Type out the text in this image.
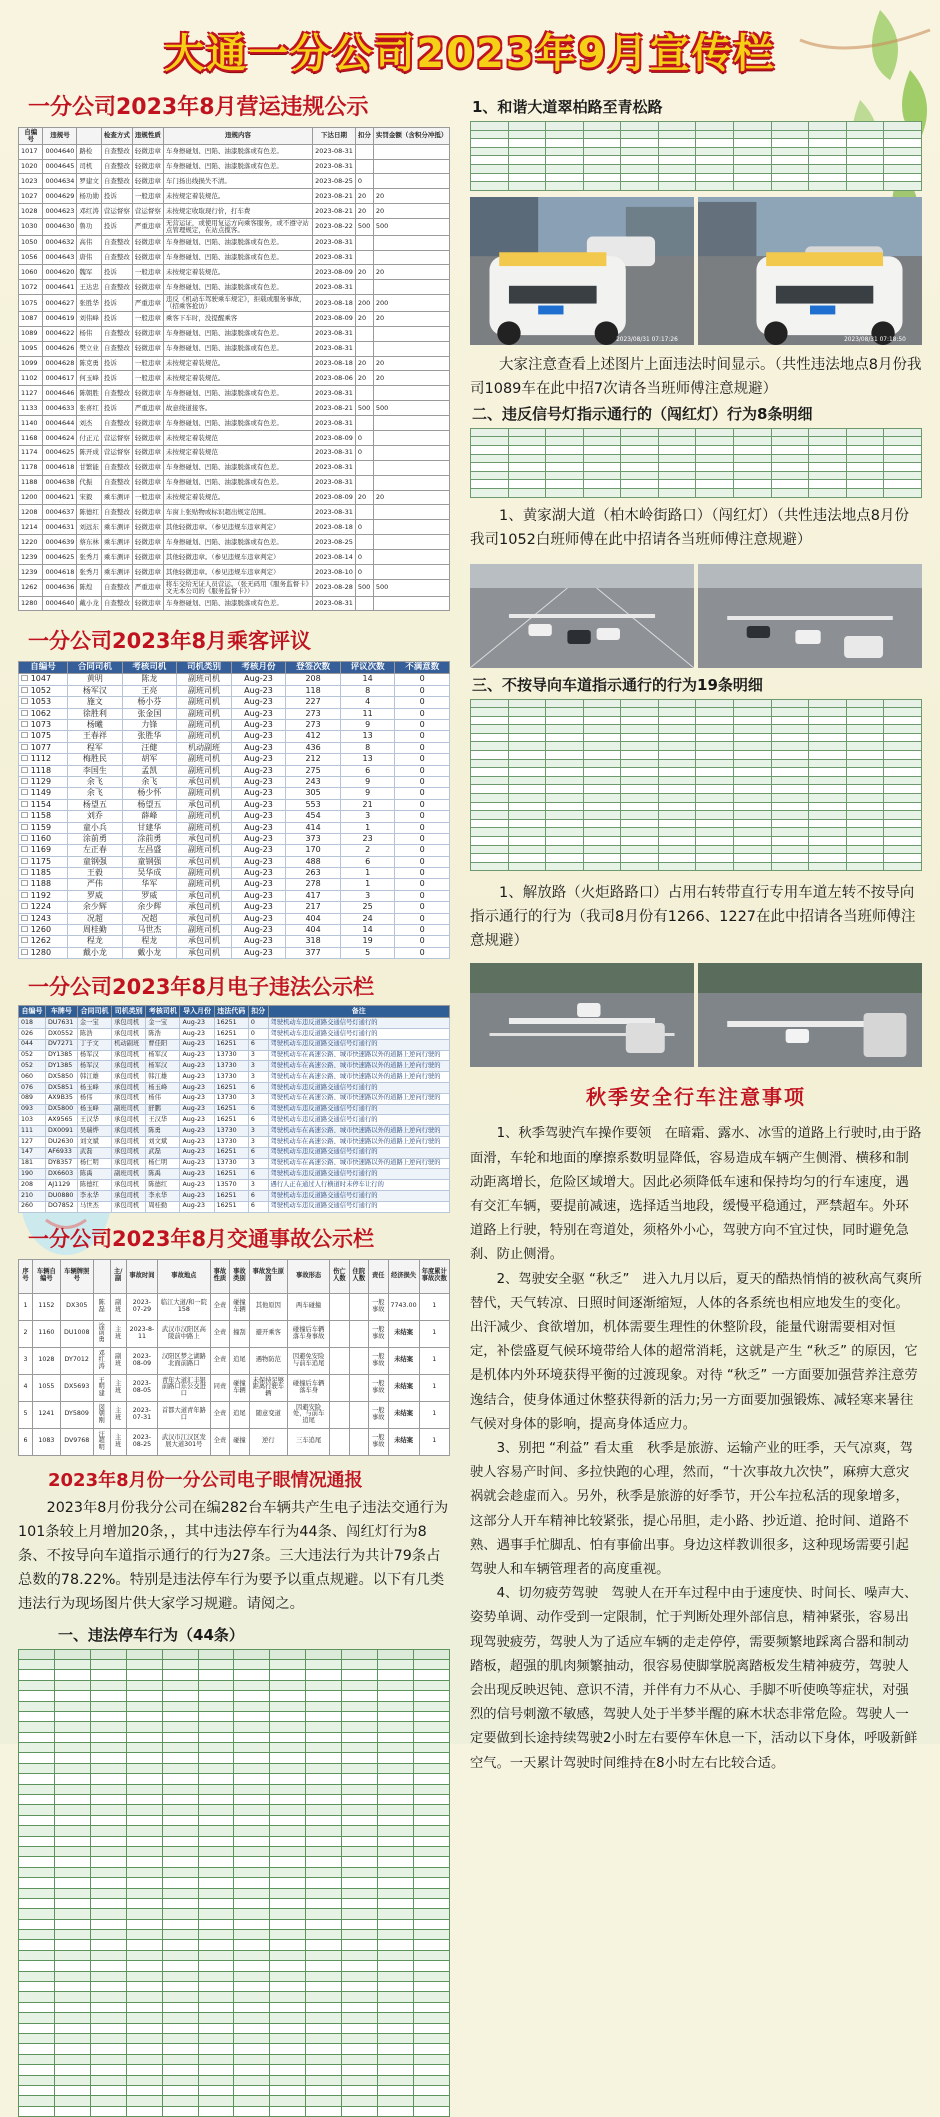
大通一分公司2023年9月宣传栏
一分公司2023年8月营运违规公示
自编号	违规号		检查方式	违规性质	违规内容	下达日期	扣分	实罚金额（含积分冲抵）
1017	0004640	路检	自查整改	轻微违章	车身擦碰划、凹陷、油漆脱落或有色差。	2023-08-31		
1020	0004645	司机	自查整改	轻微违章	车身擦碰划、凹陷、油漆脱落或有色差。	2023-08-31		
1023	0004634	罗建文	自查整改	轻微违章	车门扬出线损失不清。	2023-08-25	0	
1027	0004629	杨功勋	投诉	一般违章	未按规定着装规范。	2023-08-21	20	20
1028	0004623	邓红涛	营运督察	营运督察	未按规定收取现行价，打车费	2023-08-21	20	20
1030	0004630	鲁功	投诉	严重违章	无营运证，或使用复运方向乘客服务，或不遵守站点管理规定，在站点揽客。	2023-08-22	500	500
1050	0004632	高伟	自查整改	轻微违章	车身擦碰划、凹陷、油漆脱落或有色差。	2023-08-31		
1056	0004643	唐伟	自查整改	轻微违章	车身擦碰划、凹陷、油漆脱落或有色差。	2023-08-31		
1060	0004620	魏军	投诉	一般违章	未按规定着装规范。	2023-08-09	20	20
1072	0004641	王达忠	自查整改	轻微违章	车身擦碰划、凹陷、油漆脱落或有色差。	2023-08-31		
1075	0004627	张胜华	投诉	严重违章	违反《机动车驾驶乘车规定》，拒载或服务事故，（招乘客抢访）	2023-08-18	200	200
1087	0004619	刘伟峰	投诉	一般违章	乘客下车时，没提醒乘客	2023-08-09	20	20
1089	0004622	杨伟	自查整改	轻微违章	车身擦碰划、凹陷、油漆脱落或有色差。	2023-08-31		
1095	0004626	樊立业	自查整改	轻微违章	车身擦碰划、凹陷、油漆脱落或有色差。	2023-08-31		
1099	0004628	陈克勇	投诉	一般违章	未按规定着装规范。	2023-08-18	20	20
1102	0004617	何玉峰	投诉	一般违章	未按规定着装规范。	2023-08-06	20	20
1127	0004646	陈朝胜	自查整改	轻微违章	车身擦碰划、凹陷、油漆脱落或有色差。	2023-08-31		
1133	0004633	张喜红	投诉	严重违章	故意绕道接客。	2023-08-21	500	500
1140	0004644	刘杰	自查整改	轻微违章	车身擦碰划、凹陷、油漆脱落或有色差。	2023-08-31		
1168	0004624	付正元	营运督察	轻微违章	未按规定着装规范	2023-08-09	0	
1174	0004625	陈开成	营运督察	轻微违章	未按规定着装规范	2023-08-31	0	
1178	0004618	甘繁能	自查整改	轻微违章	车身擦碰划、凹陷、油漆脱落或有色差。	2023-08-31		
1188	0004638	代振	自查整改	轻微违章	车身擦碰划、凹陷、油漆脱落或有色差。	2023-08-31		
1200	0004621	宋毅	乘车测评	一般违章	未按规定着装规范。	2023-08-09	20	20
1208	0004637	陈德红	自查整改	轻微违章	车窗上张贴物或标识超出规定范围。	2023-08-31		
1214	0004631	刘远东	乘车测评	轻微违章	其他轻微违章。（参见违规车违章判定）	2023-08-18	0	
1220	0004639	蔡东林	乘车测评	轻微违章	车身擦碰划、凹陷、油漆脱落或有色差。	2023-08-25		
1239	0004625	张秀月	乘车测评	轻微违章	其他轻微违章。（参见违规车违章判定）	2023-08-14	0	
1239	0004618	张秀月	乘车测评	轻微违章	其他轻微违章。（参见违规车违章判定）	2023-08-10	0	
1262	0004636	陈煌	自查整改	严重违章	将车交给无证人员营运。（张无码用《服务监督卡》文无本公司的《服务监督卡》）	2023-08-28	500	500
1280	0004640	戴小龙	自查整改	轻微违章	车身擦碰划、凹陷、油漆脱落或有色差。	2023-08-31		
一分公司2023年8月乘客评议
自编号	合同司机	考核司机	司机类别	考核月份	登签次数	评议次数	不满意数
☐ 1047	黄明	陈龙	副班司机	Aug-23	208	14	0
☐ 1052	杨军汉	王亮	副班司机	Aug-23	118	8	0
☐ 1053	施文	杨小芬	副班司机	Aug-23	227	4	0
☐ 1062	徐胜利	张金国	副班司机	Aug-23	273	11	0
☐ 1073	杨曦	力锋	副班司机	Aug-23	273	9	0
☐ 1075	王春祥	张胜华	副班司机	Aug-23	412	13	0
☐ 1077	程军	汪健	机动副班	Aug-23	436	8	0
☐ 1112	梅胜民	胡军	副班司机	Aug-23	212	13	0
☐ 1118	李国生	孟凯	副班司机	Aug-23	275	6	0
☐ 1129	余飞	余飞	承包司机	Aug-23	243	9	0
☐ 1149	余飞	杨少怀	副班司机	Aug-23	305	9	0
☐ 1154	杨望五	杨望五	承包司机	Aug-23	553	21	0
☐ 1158	刘乔	薛峰	副班司机	Aug-23	454	3	0
☐ 1159	童小兵	甘建华	副班司机	Aug-23	414	1	0
☐ 1160	涂前勇	涂前勇	承包司机	Aug-23	373	23	0
☐ 1169	左正春	左昌盛	副班司机	Aug-23	170	2	0
☐ 1175	童钢强	童钢强	承包司机	Aug-23	488	6	0
☐ 1185	王毅	吴华成	副班司机	Aug-23	263	1	0
☐ 1188	严伟	华军	副班司机	Aug-23	278	1	0
☐ 1192	罗威	罗威	承包司机	Aug-23	417	3	0
☐ 1224	余少辉	余少辉	承包司机	Aug-23	217	25	0
☐ 1243	况超	况超	承包司机	Aug-23	404	24	0
☐ 1260	周桂勤	马世杰	副班司机	Aug-23	404	14	0
☐ 1262	程龙	程龙	承包司机	Aug-23	318	19	0
☐ 1280	戴小龙	戴小龙	承包司机	Aug-23	377	5	0
一分公司2023年8月电子违法公示栏
自编号	车牌号	合同司机	司机类别	考核司机	导入月份	违法代码	扣分	备注
018	DU7631	金一宝	承包司机	金一宝	Aug-23	16251	0	驾驶机动车违反道路交通信号灯通行的
026	DX0552	陈浩	承包司机	陈浩	Aug-23	16251	0	驾驶机动车违反道路交通信号灯通行的
044	DV7271	丁子文	机动副班	曹佳阳	Aug-23	16251	6	驾驶机动车违反道路交通信号灯通行的
052	DY1385	杨军汉	承包司机	杨军汉	Aug-23	13730	3	驾驶机动车在高速公路、城市快速路以外的道路上逆向行驶的
052	DY1385	杨军汉	承包司机	杨军汉	Aug-23	13730	3	驾驶机动车在高速公路、城市快速路以外的道路上逆向行驶的
060	DX5850	韩江雄	承包司机	韩江雄	Aug-23	13730	3	驾驶机动车在高速公路、城市快速路以外的道路上逆向行驶的
076	DX5851	杨玉峰	承包司机	杨玉峰	Aug-23	16251	6	驾驶机动车违反道路交通信号灯通行的
089	AX9B35	杨伟	承包司机	杨伟	Aug-23	13730	3	驾驶机动车在高速公路、城市快速路以外的道路上逆向行驶的
093	DX5800	杨玉峰	副班司机	舒鹏	Aug-23	16251	6	驾驶机动车违反道路交通信号灯通行的
103	AX9565	王汉华	承包司机	王汉华	Aug-23	16251	6	驾驶机动车违反道路交通信号灯通行的
111	DX0091	吴瑞烨	承包司机	陈勇	Aug-23	13730	3	驾驶机动车在高速公路、城市快速路以外的道路上逆向行驶的
127	DU2630	刘文斌	承包司机	刘文斌	Aug-23	13730	3	驾驶机动车在高速公路、城市快速路以外的道路上逆向行驶的
147	AF6933	武磊	承包司机	武磊	Aug-23	16251	6	驾驶机动车违反道路交通信号灯通行的
181	DY8357	杨仁明	承包司机	杨仁明	Aug-23	13730	3	驾驶机动车在高速公路、城市快速路以外的道路上逆向行驶的
190	DX6603	陈禹	副班司机	陈禹	Aug-23	16251	6	驾驶机动车违反道路交通信号灯通行的
208	AJ1129	陈德红	承包司机	陈德红	Aug-23	13570	3	遇行人正在通过人行横道时未停车让行的
210	DU0880	李永华	承包司机	李永华	Aug-23	16251	6	驾驶机动车违反道路交通信号灯通行的
260	DO7852	马世杰	承包司机	周桂勤	Aug-23	16251	6	驾驶机动车违反道路交通信号灯通行的
一分公司2023年8月交通事故公示栏
序号	车辆自编号	车辆牌照号		主/副	事故时间	事故地点	事故性质	事故类别	事故发生原因	事故形态	伤亡人数	住院人数	责任	经济损失	年度累计事故次数
1	1152	DX305	陈磊	副班	2023-07-29	临江大道/和一院158	全责	碰撞车辆	其他原因	两车碰撞			一般事故	7743.00	1
2	1160	DU1008	涂前勇	主班	2023-8-11	武汉市汉阳区高陵前中路上	全责	撞刮	避开乘客	碰撞后车辆落车身事故			一般事故	未结案	1
3	1028	DY7012	邓红涛	副班	2023-08-09	汉阳区梦之湖路北面前路口	全责	追尾	遇物防范	因避免安险与前车追尾			一般事故	未结案	1
4	1055	DX5693	王明建	主班	2023-08-05	青年大道汇丰银前路口东公交进口	同责	碰撞车辆	未保持足够距离行驶车辆	碰撞后车辆落车身			一般事故	未结案	1
5	1241	DY5809	闵朝刚	主班	2023-07-31	首都大道青年路口	全责	追尾	随意变道	因避安险处，与前车追尾			一般事故	未结案	1
6	1083	DV9768	汪超明	主班	2023-08-25	武汉市江汉区发展大道301号	全责	碰撞	逆行	三车追尾			一般事故	未结案	1
2023年8月份一分公司电子眼情况通报
2023年8月份我分公司在编282台车辆共产生电子违法交通行为101条较上月增加20条，，其中违法停车行为44条、闯红灯行为8条、不按导向车道指示通行的行为27条。三大违法行为共计79条占总数的78.22%。特别是违法停车行为要予以重点规避。以下有几类违法行为现场图片供大家学习规避。请阅之。
一、违法停车行为（44条）

1、和谐大道翠柏路至青松路

2023/08/31 07:17:26	2023/08/31 07:18:50
大家注意查看上述图片上面违法时间显示。（共性违法地点8月份我司1089车在此中招7次请各当班师傅注意规避）
二、违反信号灯指示通行的（闯红灯）行为8条明细

1、黄家湖大道（柏木岭街路口）（闯红灯）（共性违法地点8月份我司1052白班师傅在此中招请各当班师傅注意规避）
三、不按导向车道指示通行的行为19条明细

1、解放路（火炬路路口）占用右转带直行专用车道左转不按导向指示通行的行为（我司8月份有1266、1227在此中招请各当班师傅注意规避）
秋季安全行车注意事项
1、秋季驾驶汽车操作要领　在暗霜、露水、冰雪的道路上行驶时,由于路面滑，车轮和地面的摩擦系数明显降低，容易造成车辆产生侧滑、横移和制动距离增长，危险区域增大。因此必须降低车速和保持均匀的行车速度，遇有交汇车辆，要提前减速，选择适当地段，缓慢平稳通过，严禁超车。外环道路上行驶，特别在弯道处，须格外小心，驾驶方向不宜过快，同时避免急刹、防止侧滑。
2、驾驶安全驱 “秋乏”　进入九月以后，夏天的酷热悄悄的被秋高气爽所替代，天气转凉、日照时间逐渐缩短，人体的各系统也相应地发生的变化。出汗减少、食欲增加，机体需要生理性的休整阶段，能量代谢需要相对恒定，补偿盛夏气候环境带给人体的超常消耗，这就是产生 “秋乏” 的原因，它是机体内外环境获得平衡的过渡现象。对待 “秋乏” 一方面要加强营养注意劳逸结合，使身体通过休整获得新的活力;另一方面要加强锻炼、减轻寒来暑往气候对身体的影响，提高身体适应力。
3、别把 “利益” 看太重　秋季是旅游、运输产业的旺季，天气凉爽，驾驶人容易产时间、多拉快跑的心理，然而，“十次事故九次快”，麻痹大意灾祸就会趁虚而入。另外，秋季是旅游的好季节，开公车拉私活的现象增多，这部分人开车精神比较紧张，提心吊胆，走小路、抄近道、抢时间、道路不熟、遇事手忙脚乱、怕有事偷出事。身边这样教训很多，这种现场需要引起驾驶人和车辆管理者的高度重视。
4、切勿疲劳驾驶　驾驶人在开车过程中由于速度快、时间长、噪声大、姿势单调、动作受到一定限制，忙于判断处理外部信息，精神紧张，容易出现驾驶疲劳，驾驶人为了适应车辆的走走停停，需要频繁地踩离合器和制动踏板，超强的肌肉频繁抽动，很容易使脚掌脱离踏板发生精神疲劳，驾驶人会出现反映迟钝、意识不清，并伴有力不从心、手脚不听使唤等症状，对强烈的信号刺激不敏感，驾驶人处于半梦半醒的麻木状态非常危险。驾驶人一定要做到长途持续驾驶2小时左右要停车休息一下，活动以下身体，呼吸新鲜空气。一天累计驾驶时间维持在8小时左右比较合适。
